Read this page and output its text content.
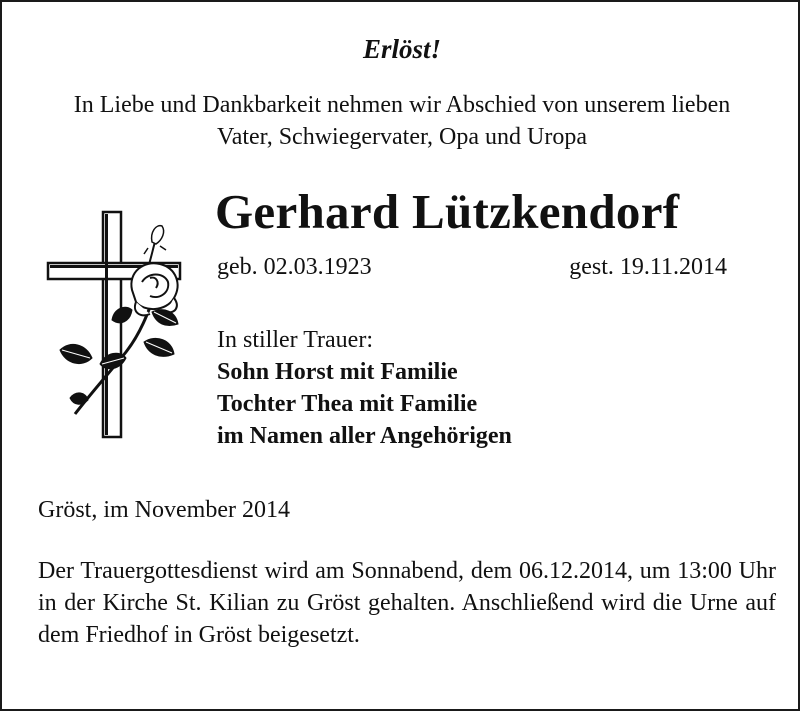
Erlöst!
In Liebe und Dankbarkeit nehmen wir Abschied von unserem lieben
Vater, Schwiegervater, Opa und Uropa
Gerhard Lützkendorf
geb. 02.03.1923	gest. 19.11.2014
In stiller Trauer:
Sohn Horst mit Familie
Tochter Thea mit Familie
im Namen aller Angehörigen
Gröst, im November 2014
Der Trauergottesdienst wird am Sonnabend, dem 06.12.2014, um 13:00 Uhr in der Kirche St. Kilian zu Gröst gehalten. Anschließend wird die Urne auf dem Friedhof in Gröst beigesetzt.
